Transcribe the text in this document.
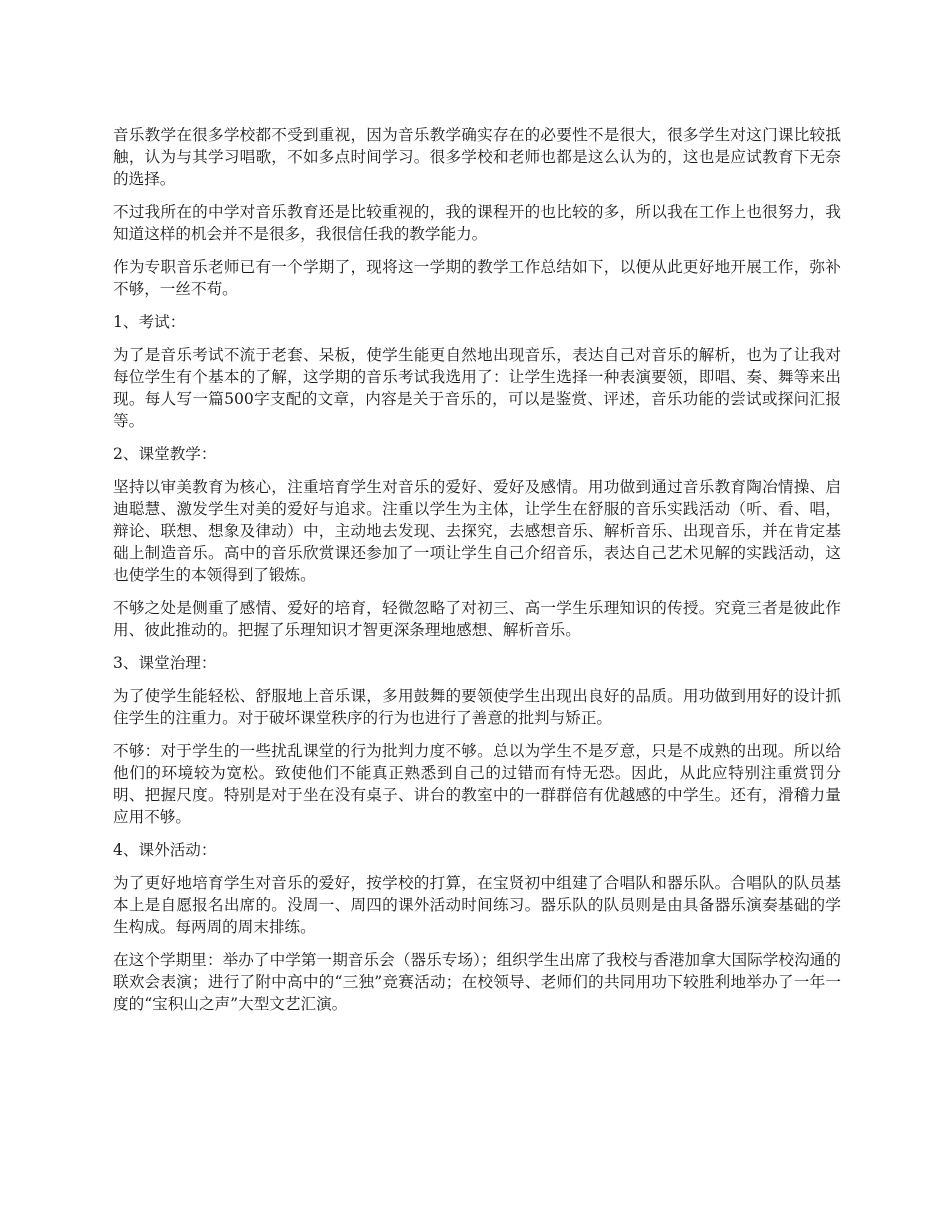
音乐教学在很多学校都不受到重视，因为音乐教学确实存在的必要性不是很大，很多学生对这门课比较抵触，认为与其学习唱歌，不如多点时间学习。很多学校和老师也都是这么认为的，这也是应试教育下无奈的选择。

不过我所在的中学对音乐教育还是比较重视的，我的课程开的也比较的多，所以我在工作上也很努力，我知道这样的机会并不是很多，我很信任我的教学能力。

作为专职音乐老师已有一个学期了，现将这一学期的教学工作总结如下，以便从此更好地开展工作，弥补不够，一丝不苟。

1、考试：

为了是音乐考试不流于老套、呆板，使学生能更自然地出现音乐，表达自己对音乐的解析，也为了让我对每位学生有个基本的了解，这学期的音乐考试我选用了：让学生选择一种表演要领，即唱、奏、舞等来出现。每人写一篇500字支配的文章，内容是关于音乐的，可以是鉴赏、评述，音乐功能的尝试或探问汇报等。

2、课堂教学：

坚持以审美教育为核心，注重培育学生对音乐的爱好、爱好及感情。用功做到通过音乐教育陶冶情操、启迪聪慧、激发学生对美的爱好与追求。注重以学生为主体，让学生在舒服的音乐实践活动（听、看、唱，辩论、联想、想象及律动）中，主动地去发现、去探究，去感想音乐、解析音乐、出现音乐，并在肯定基础上制造音乐。高中的音乐欣赏课还参加了一项让学生自己介绍音乐，表达自己艺术见解的实践活动，这也使学生的本领得到了锻炼。

不够之处是侧重了感情、爱好的培育，轻微忽略了对初三、高一学生乐理知识的传授。究竟三者是彼此作用、彼此推动的。把握了乐理知识才智更深条理地感想、解析音乐。

3、课堂治理：

为了使学生能轻松、舒服地上音乐课，多用鼓舞的要领使学生出现出良好的品质。用功做到用好的设计抓住学生的注重力。对于破坏课堂秩序的行为也进行了善意的批判与矫正。

不够：对于学生的一些扰乱课堂的行为批判力度不够。总以为学生不是歹意，只是不成熟的出现。所以给他们的环境较为宽松。致使他们不能真正熟悉到自己的过错而有恃无恐。因此，从此应特别注重赏罚分明、把握尺度。特别是对于坐在没有桌子、讲台的教室中的一群群倍有优越感的中学生。还有，滑稽力量应用不够。

4、课外活动：

为了更好地培育学生对音乐的爱好，按学校的打算，在宝贤初中组建了合唱队和器乐队。合唱队的队员基本上是自愿报名出席的。没周一、周四的课外活动时间练习。器乐队的队员则是由具备器乐演奏基础的学生构成。每两周的周末排练。

在这个学期里：举办了中学第一期音乐会（器乐专场）；组织学生出席了我校与香港加拿大国际学校沟通的联欢会表演；进行了附中高中的“三独”竞赛活动；在校领导、老师们的共同用功下较胜利地举办了一年一度的“宝积山之声”大型文艺汇演。
